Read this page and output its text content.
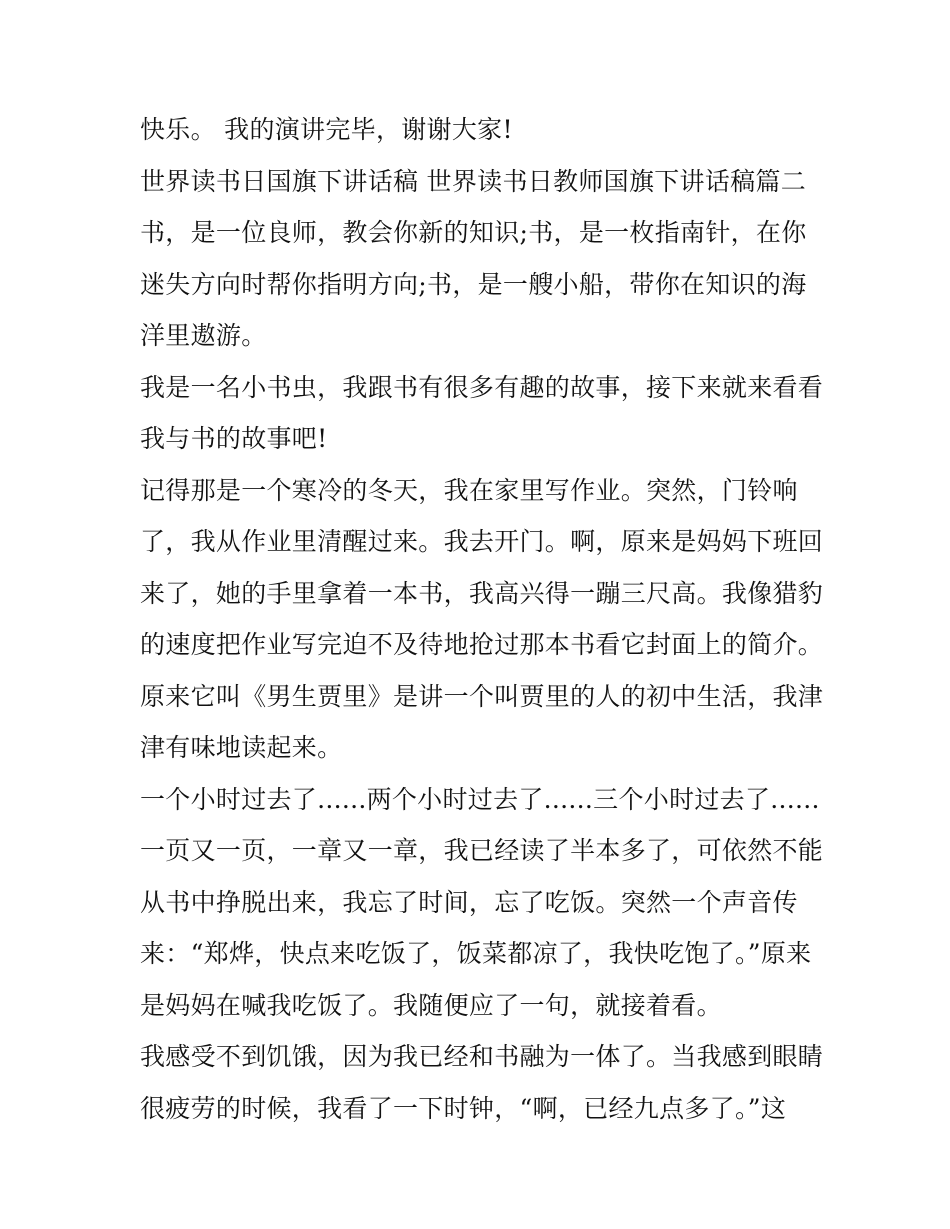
快乐。 我的演讲完毕，谢谢大家!
世界读书日国旗下讲话稿 世界读书日教师国旗下讲话稿篇二
书，是一位良师，教会你新的知识;书，是一枚指南针，在你
迷失方向时帮你指明方向;书，是一艘小船，带你在知识的海
洋里遨游。
我是一名小书虫，我跟书有很多有趣的故事，接下来就来看看
我与书的故事吧!
记得那是一个寒冷的冬天，我在家里写作业。突然，门铃响
了，我从作业里清醒过来。我去开门。啊，原来是妈妈下班回
来了，她的手里拿着一本书，我高兴得一蹦三尺高。我像猎豹
的速度把作业写完迫不及待地抢过那本书看它封面上的简介。
原来它叫《男生贾里》是讲一个叫贾里的人的初中生活，我津
津有味地读起来。
一个小时过去了......两个小时过去了......三个小时过去了......
一页又一页，一章又一章，我已经读了半本多了，可依然不能
从书中挣脱出来，我忘了时间，忘了吃饭。突然一个声音传
来：“郑烨，快点来吃饭了，饭菜都凉了，我快吃饱了。”原来
是妈妈在喊我吃饭了。我随便应了一句，就接着看。
我感受不到饥饿，因为我已经和书融为一体了。当我感到眼睛
很疲劳的时候，我看了一下时钟，“啊，已经九点多了。”这
